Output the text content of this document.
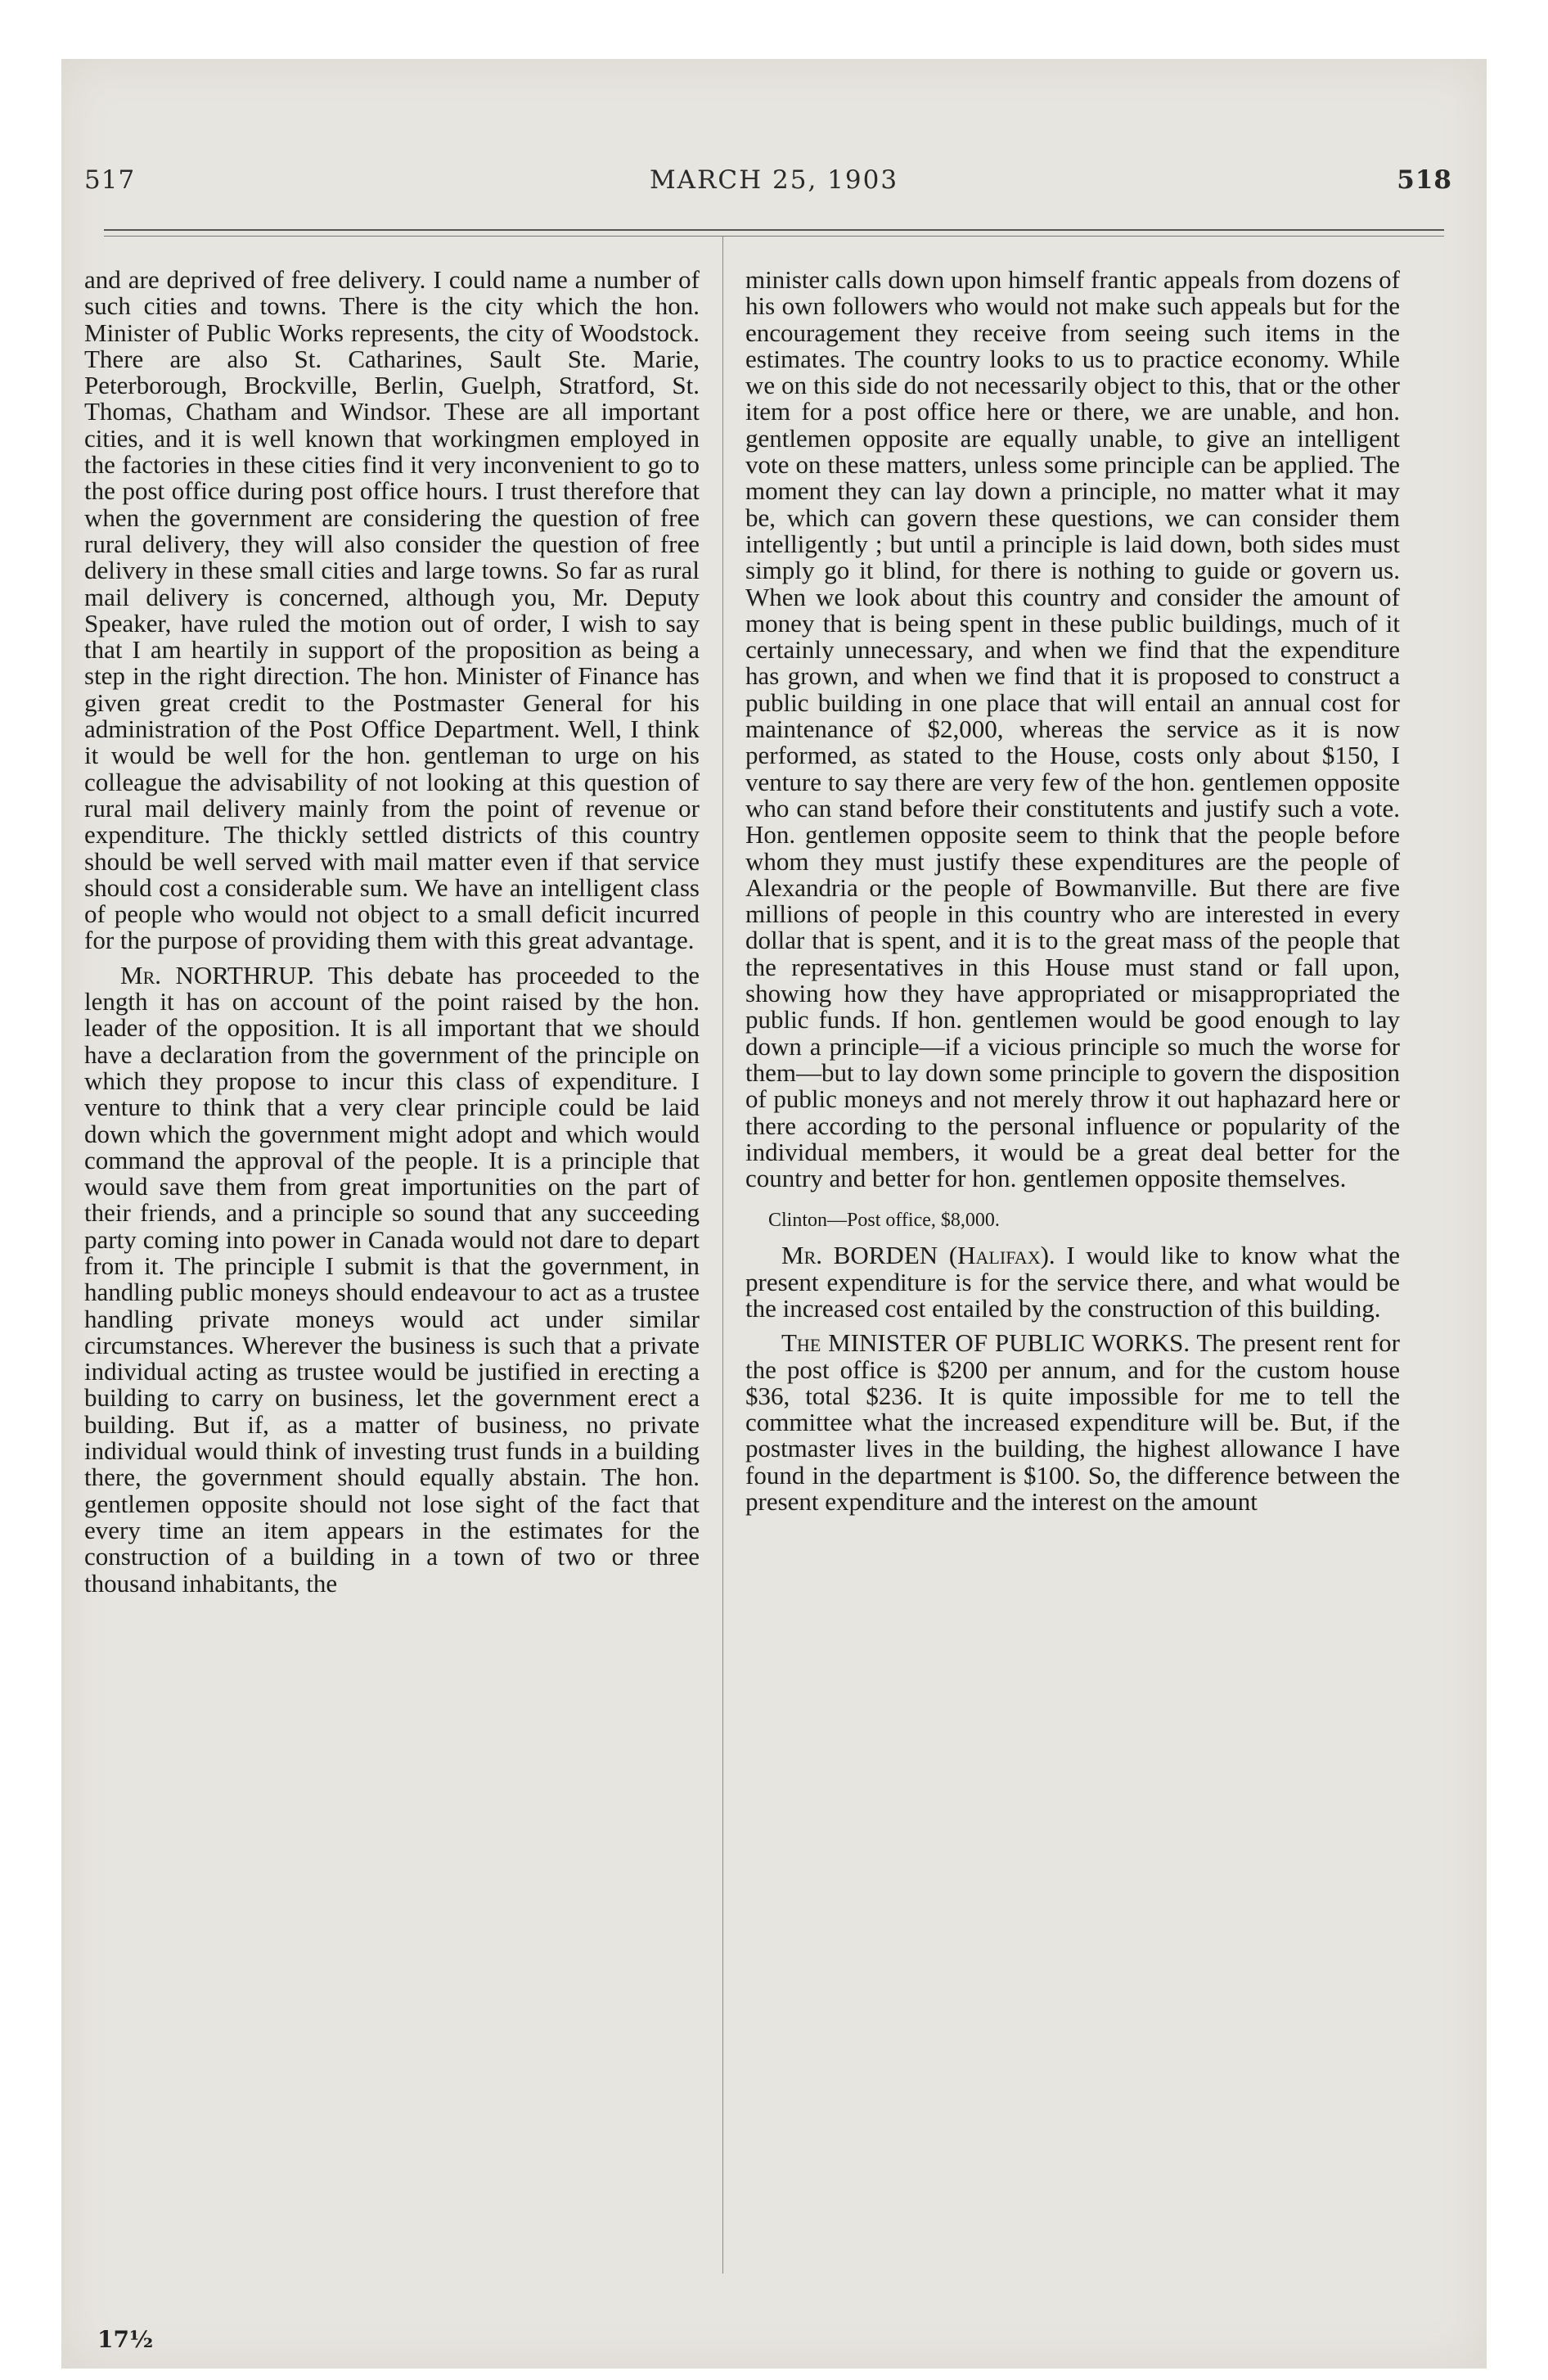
517	MARCH 25, 1903	518

and are deprived of free delivery. I could name a number of such cities and towns. There is the city which the hon. Minister of Public Works represents, the city of Woodstock. There are also St. Catharines, Sault Ste. Marie, Peterborough, Brockville, Berlin, Guelph, Stratford, St. Thomas, Chatham and Windsor. These are all important cities, and it is well known that workingmen employed in the factories in these cities find it very inconvenient to go to the post office during post office hours. I trust therefore that when the government are considering the question of free rural delivery, they will also consider the question of free delivery in these small cities and large towns. So far as rural mail delivery is concerned, although you, Mr. Deputy Speaker, have ruled the motion out of order, I wish to say that I am heartily in support of the proposition as being a step in the right direction. The hon. Minister of Finance has given great credit to the Postmaster General for his administration of the Post Office Department. Well, I think it would be well for the hon. gentleman to urge on his colleague the advisability of not looking at this question of rural mail delivery mainly from the point of revenue or expenditure. The thickly settled districts of this country should be well served with mail matter even if that service should cost a considerable sum. We have an intelligent class of people who would not object to a small deficit incurred for the purpose of providing them with this great advantage.

Mr. NORTHRUP. This debate has proceeded to the length it has on account of the point raised by the hon. leader of the opposition. It is all important that we should have a declaration from the government of the principle on which they propose to incur this class of expenditure. I venture to think that a very clear principle could be laid down which the government might adopt and which would command the approval of the people. It is a principle that would save them from great importunities on the part of their friends, and a principle so sound that any succeeding party coming into power in Canada would not dare to depart from it. The principle I submit is that the government, in handling public moneys should endeavour to act as a trustee handling private moneys would act under similar circumstances. Wherever the business is such that a private individual acting as trustee would be justified in erecting a building to carry on business, let the government erect a building. But if, as a matter of business, no private individual would think of investing trust funds in a building there, the government should equally abstain. The hon. gentlemen opposite should not lose sight of the fact that every time an item appears in the estimates for the construction of a building in a town of two or three thousand inhabitants, the

minister calls down upon himself frantic appeals from dozens of his own followers who would not make such appeals but for the encouragement they receive from seeing such items in the estimates. The country looks to us to practice economy. While we on this side do not necessarily object to this, that or the other item for a post office here or there, we are unable, and hon. gentlemen opposite are equally unable, to give an intelligent vote on these matters, unless some principle can be applied. The moment they can lay down a principle, no matter what it may be, which can govern these questions, we can consider them intelligently ; but until a principle is laid down, both sides must simply go it blind, for there is nothing to guide or govern us. When we look about this country and consider the amount of money that is being spent in these public buildings, much of it certainly unnecessary, and when we find that the expenditure has grown, and when we find that it is proposed to construct a public building in one place that will entail an annual cost for maintenance of $2,000, whereas the service as it is now performed, as stated to the House, costs only about $150, I venture to say there are very few of the hon. gentlemen opposite who can stand before their constitutents and justify such a vote. Hon. gentlemen opposite seem to think that the people before whom they must justify these expenditures are the people of Alexandria or the people of Bowmanville. But there are five millions of people in this country who are interested in every dollar that is spent, and it is to the great mass of the people that the representatives in this House must stand or fall upon, showing how they have appropriated or misappropriated the public funds. If hon. gentlemen would be good enough to lay down a principle—if a vicious principle so much the worse for them—but to lay down some principle to govern the disposition of public moneys and not merely throw it out haphazard here or there according to the personal influence or popularity of the individual members, it would be a great deal better for the country and better for hon. gentlemen opposite themselves.

Clinton—Post office, $8,000.

Mr. BORDEN (Halifax). I would like to know what the present expenditure is for the service there, and what would be the increased cost entailed by the construction of this building.

The MINISTER OF PUBLIC WORKS. The present rent for the post office is $200 per annum, and for the custom house $36, total $236. It is quite impossible for me to tell the committee what the increased expenditure will be. But, if the postmaster lives in the building, the highest allowance I have found in the department is $100. So, the difference between the present expenditure and the interest on the amount

17½
